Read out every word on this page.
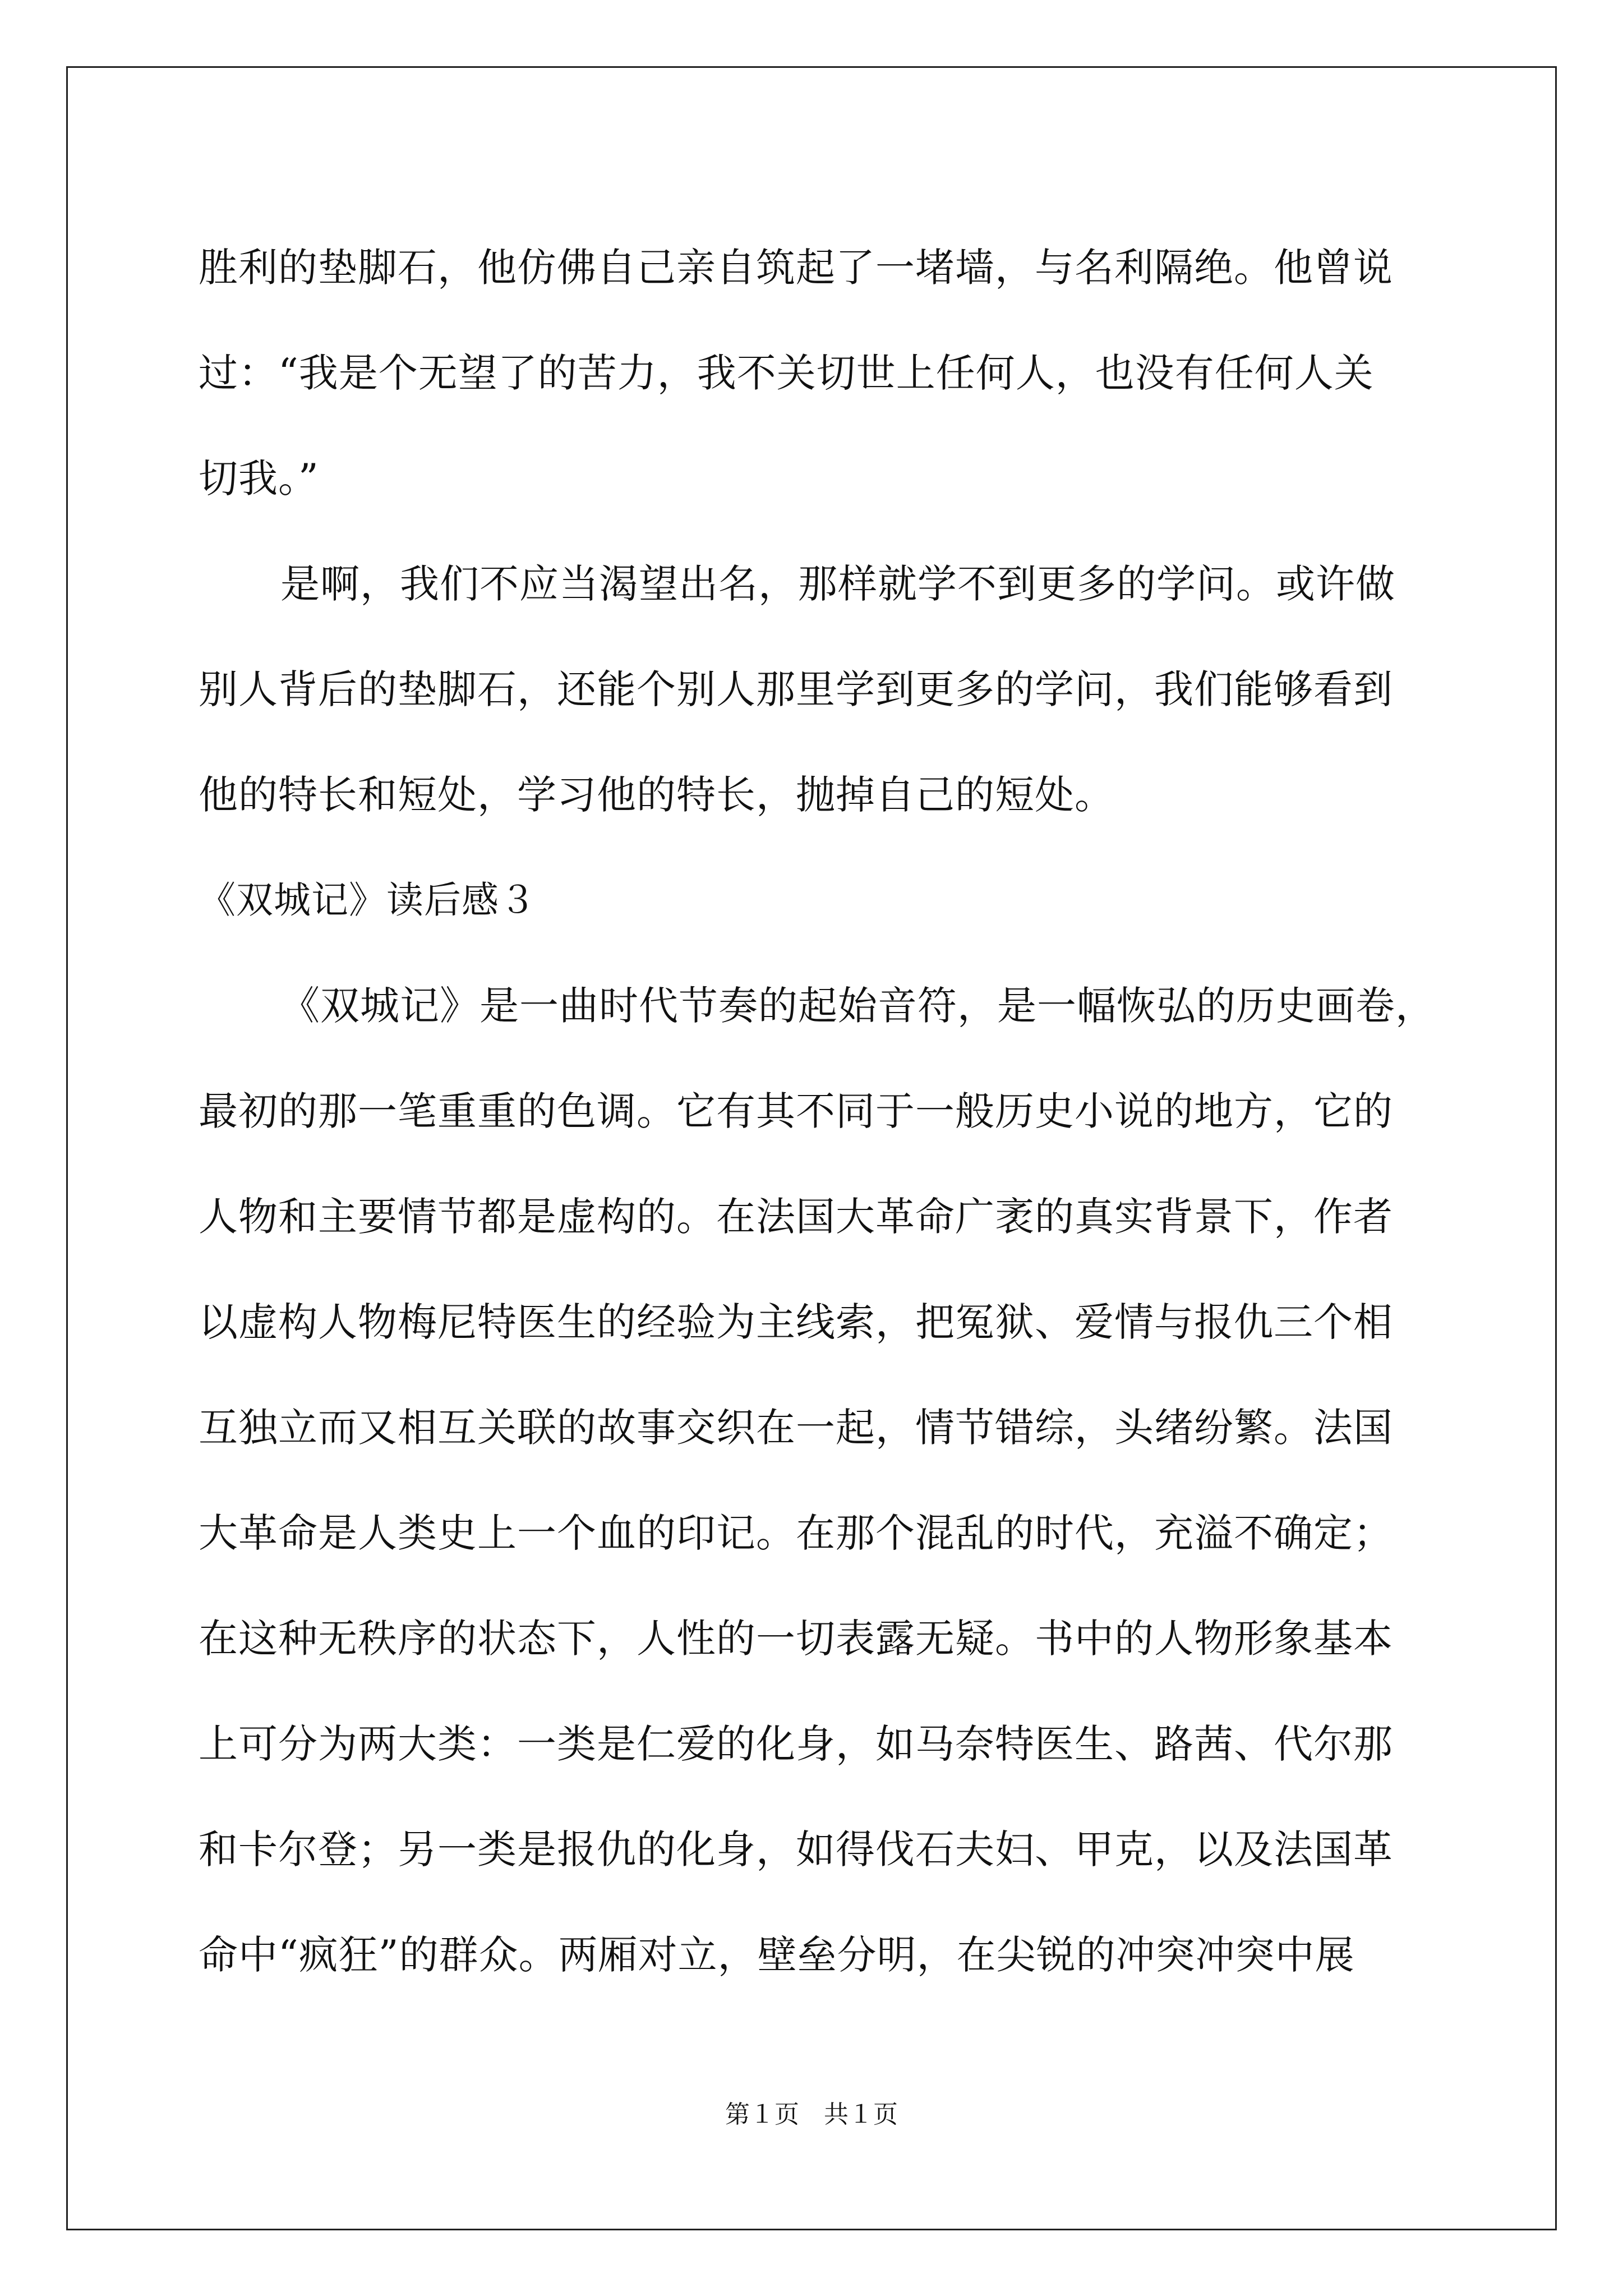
胜利的垫脚石，他仿佛自己亲自筑起了一堵墙，与名利隔绝。他曾说
过：“我是个无望了的苦力，我不关切世上任何人，也没有任何人关
切我。”
是啊，我们不应当渴望出名，那样就学不到更多的学问。或许做
别人背后的垫脚石，还能个别人那里学到更多的学问，我们能够看到
他的特长和短处，学习他的特长，抛掉自己的短处。
《双城记》读后感３
《双城记》是一曲时代节奏的起始音符，是一幅恢弘的历史画卷，
最初的那一笔重重的色调。它有其不同于一般历史小说的地方，它的
人物和主要情节都是虚构的。在法国大革命广袤的真实背景下，作者
以虚构人物梅尼特医生的经验为主线索，把冤狱、爱情与报仇三个相
互独立而又相互关联的故事交织在一起，情节错综，头绪纷繁。法国
大革命是人类史上一个血的印记。在那个混乱的时代，充溢不确定；
在这种无秩序的状态下，人性的一切表露无疑。书中的人物形象基本
上可分为两大类：一类是仁爱的化身，如马奈特医生、路茜、代尔那
和卡尔登；另一类是报仇的化身，如得伐石夫妇、甲克，以及法国革
命中“疯狂”的群众。两厢对立，壁垒分明，在尖锐的冲突冲突中展
第１页　共１页
